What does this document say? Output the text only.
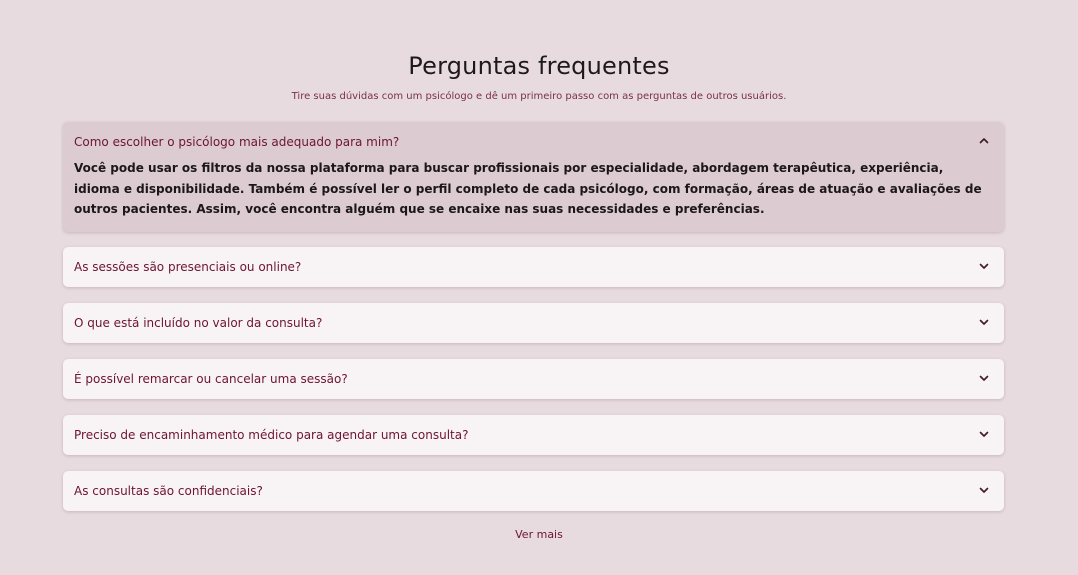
Perguntas frequentes

Tire suas dúvidas com um psicólogo e dê um primeiro passo com as perguntas de outros usuários.

Como escolher o psicólogo mais adequado para mim?
Você pode usar os filtros da nossa plataforma para buscar profissionais por especialidade, abordagem terapêutica, experiência, idioma e disponibilidade. Também é possível ler o perfil completo de cada psicólogo, com formação, áreas de atuação e avaliações de outros pacientes. Assim, você encontra alguém que se encaixe nas suas necessidades e preferências.
As sessões são presenciais ou online?
O que está incluído no valor da consulta?
É possível remarcar ou cancelar uma sessão?
Preciso de encaminhamento médico para agendar uma consulta?
As consultas são confidenciais?
Ver mais
